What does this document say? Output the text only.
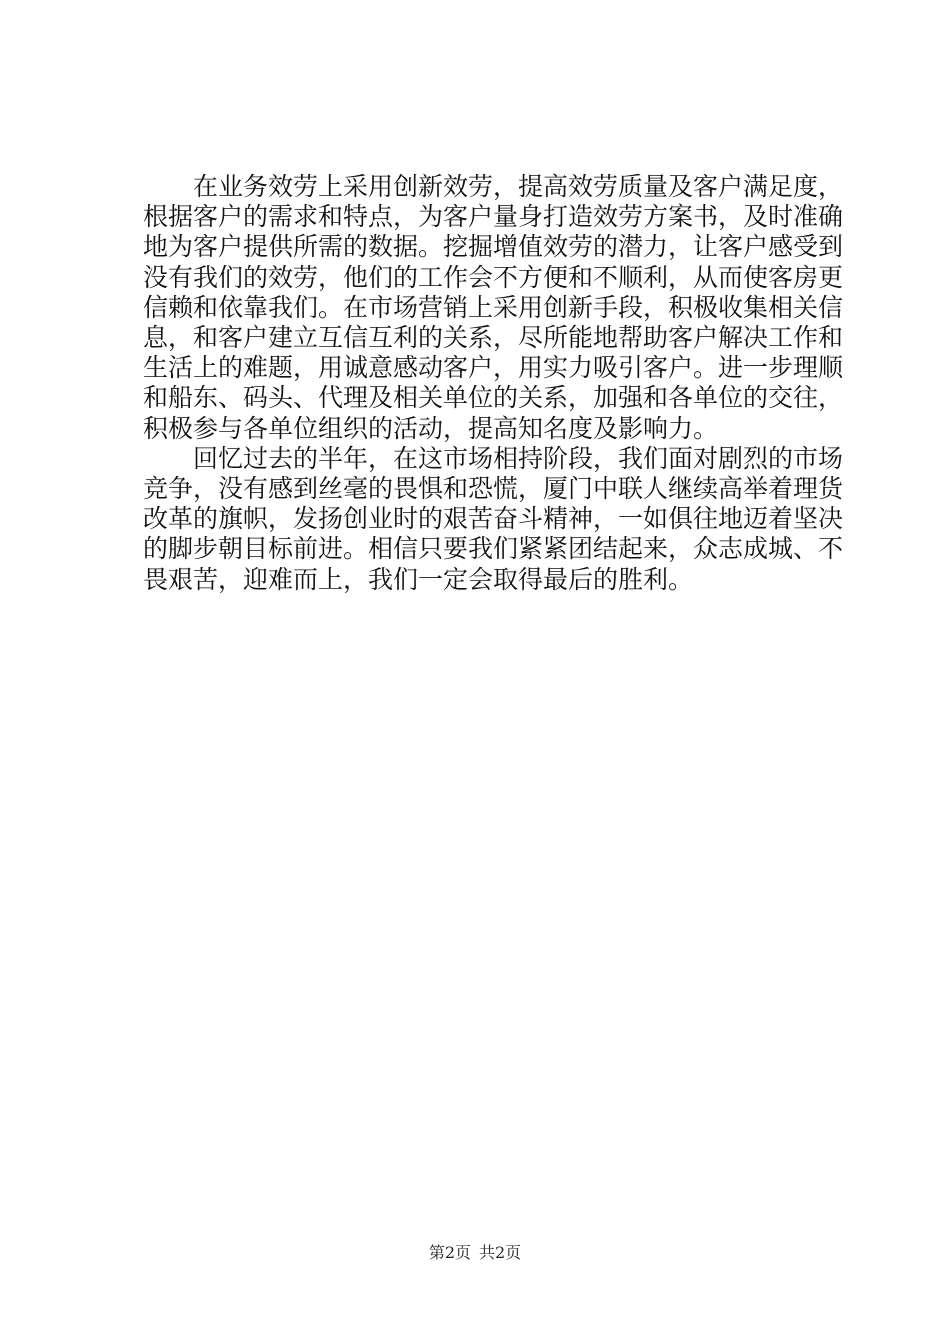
在业务效劳上采用创新效劳，提高效劳质量及客户满足度，根据客户的需求和特点，为客户量身打造效劳方案书，及时准确地为客户提供所需的数据。挖掘增值效劳的潜力，让客户感受到没有我们的效劳，他们的工作会不方便和不顺利，从而使客房更信赖和依靠我们。在市场营销上采用创新手段，积极收集相关信息，和客户建立互信互利的关系，尽所能地帮助客户解决工作和生活上的难题，用诚意感动客户，用实力吸引客户。进一步理顺和船东、码头、代理及相关单位的关系，加强和各单位的交往，积极参与各单位组织的活动，提高知名度及影响力。

回忆过去的半年，在这市场相持阶段，我们面对剧烈的市场竞争，没有感到丝毫的畏惧和恐慌，厦门中联人继续高举着理货改革的旗帜，发扬创业时的艰苦奋斗精神，一如俱往地迈着坚决的脚步朝目标前进。相信只要我们紧紧团结起来，众志成城、不畏艰苦，迎难而上，我们一定会取得最后的胜利。

第2页 共2页
